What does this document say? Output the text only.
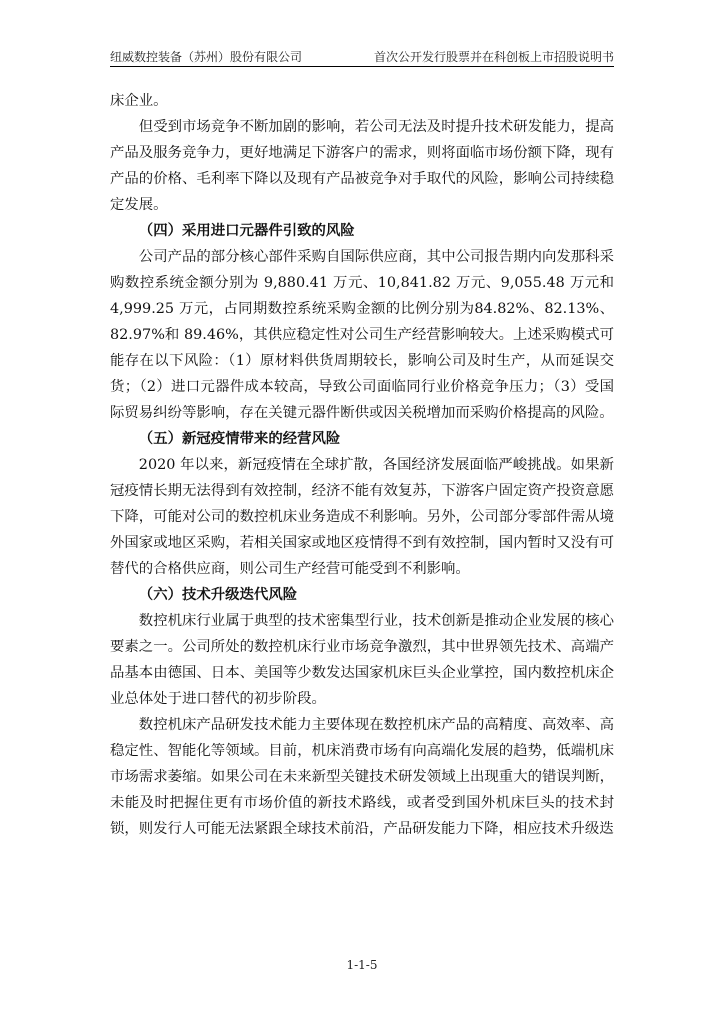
纽威数控装备（苏州）股份有限公司	首次公开发行股票并在科创板上市招股说明书

床企业。

但受到市场竞争不断加剧的影响，若公司无法及时提升技术研发能力，提高产品及服务竞争力，更好地满足下游客户的需求，则将面临市场份额下降，现有产品的价格、毛利率下降以及现有产品被竞争对手取代的风险，影响公司持续稳定发展。

（四）采用进口元器件引致的风险

公司产品的部分核心部件采购自国际供应商，其中公司报告期内向发那科采购数控系统金额分别为 9,880.41 万元、10,841.82 万元、9,055.48 万元和 4,999.25 万元，占同期数控系统采购金额的比例分别为84.82%、82.13%、82.97%和 89.46%，其供应稳定性对公司生产经营影响较大。上述采购模式可能存在以下风险：（1）原材料供货周期较长，影响公司及时生产，从而延误交货；（2）进口元器件成本较高，导致公司面临同行业价格竞争压力；（3）受国际贸易纠纷等影响，存在关键元器件断供或因关税增加而采购价格提高的风险。

（五）新冠疫情带来的经营风险

2020 年以来，新冠疫情在全球扩散，各国经济发展面临严峻挑战。如果新冠疫情长期无法得到有效控制，经济不能有效复苏，下游客户固定资产投资意愿下降，可能对公司的数控机床业务造成不利影响。另外，公司部分零部件需从境外国家或地区采购，若相关国家或地区疫情得不到有效控制，国内暂时又没有可替代的合格供应商，则公司生产经营可能受到不利影响。

（六）技术升级迭代风险

数控机床行业属于典型的技术密集型行业，技术创新是推动企业发展的核心要素之一。公司所处的数控机床行业市场竞争激烈，其中世界领先技术、高端产品基本由德国、日本、美国等少数发达国家机床巨头企业掌控，国内数控机床企业总体处于进口替代的初步阶段。

数控机床产品研发技术能力主要体现在数控机床产品的高精度、高效率、高稳定性、智能化等领域。目前，机床消费市场有向高端化发展的趋势，低端机床市场需求萎缩。如果公司在未来新型关键技术研发领域上出现重大的错误判断，未能及时把握住更有市场价值的新技术路线，或者受到国外机床巨头的技术封锁，则发行人可能无法紧跟全球技术前沿，产品研发能力下降，相应技术升级迭

1-1-5
